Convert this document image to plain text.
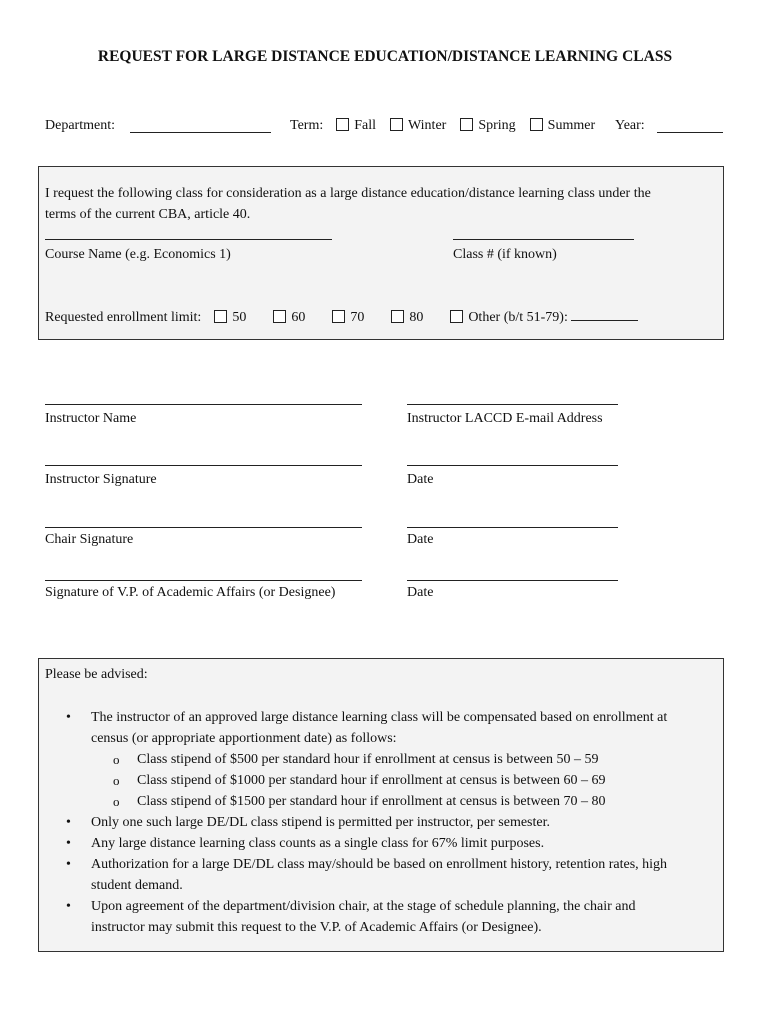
REQUEST FOR LARGE DISTANCE EDUCATION/DISTANCE LEARNING CLASS
Department:	Term: Fall Winter Spring Summer Year:
I request the following class for consideration as a large distance education/distance learning class under the
terms of the current CBA, article 40.
Course Name (e.g. Economics 1)	Class # (if known)
Requested enrollment limit: 50	60	70	80	Other (b/t 51-79):
Instructor Name	Instructor LACCD E-mail Address
Instructor Signature	Date
Chair Signature	Date
Signature of V.P. of Academic Affairs (or Designee)	Date
Please be advised:
• The instructor of an approved large distance learning class will be compensated based on enrollment at
census (or appropriate apportionment date) as follows:
o Class stipend of $500 per standard hour if enrollment at census is between 50 – 59
o Class stipend of $1000 per standard hour if enrollment at census is between 60 – 69
o Class stipend of $1500 per standard hour if enrollment at census is between 70 – 80
• Only one such large DE/DL class stipend is permitted per instructor, per semester.
• Any large distance learning class counts as a single class for 67% limit purposes.
• Authorization for a large DE/DL class may/should be based on enrollment history, retention rates, high
student demand.
• Upon agreement of the department/division chair, at the stage of schedule planning, the chair and
instructor may submit this request to the V.P. of Academic Affairs (or Designee).
